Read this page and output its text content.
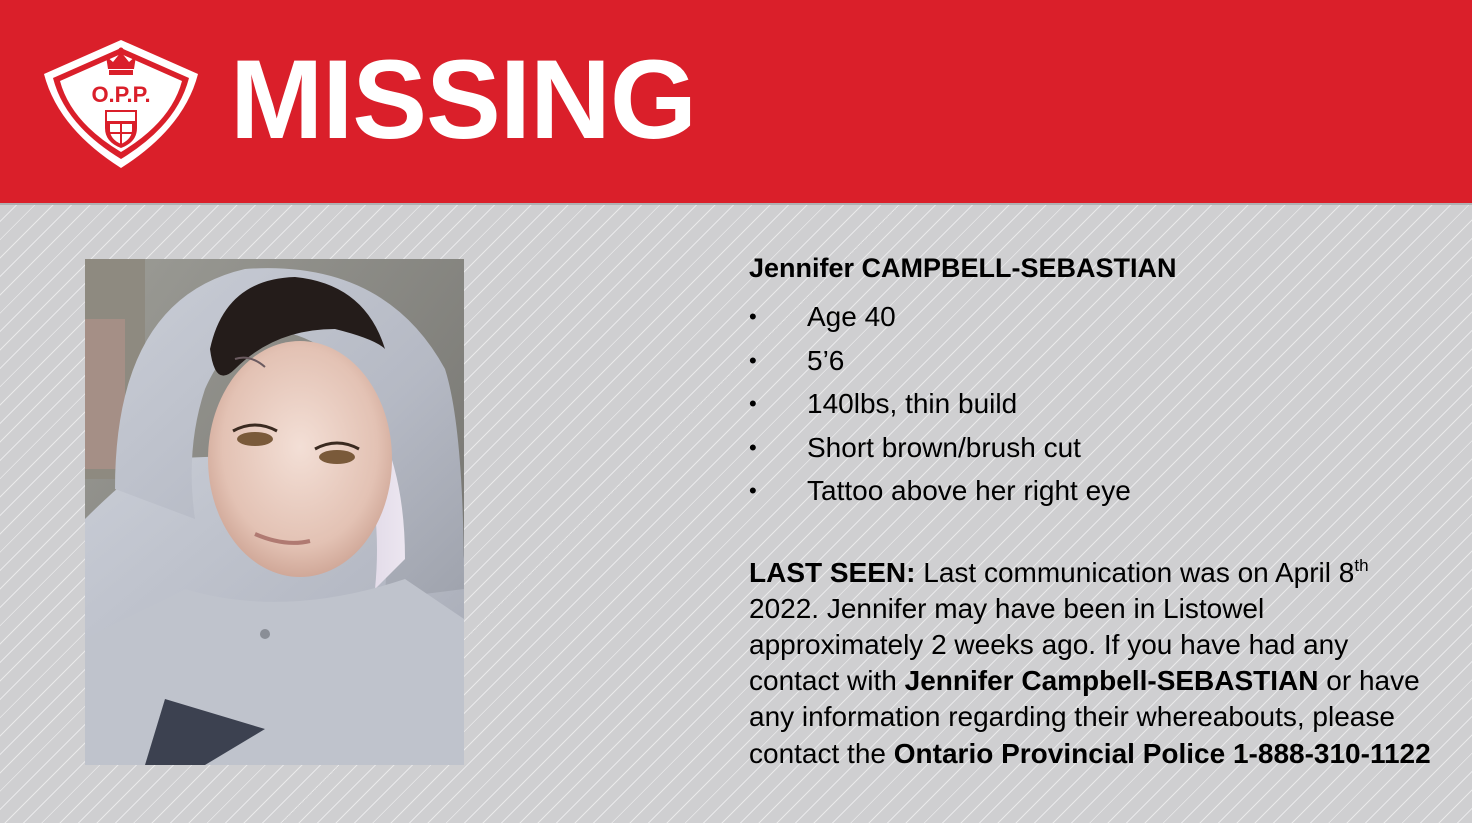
O.P.P. MISSING
Jennifer CAMPBELL-SEBASTIAN
• Age 40
• 5’6
• 140lbs, thin build
• Short brown/brush cut
• Tattoo above her right eye
LAST SEEN: Last communication was on April 8th 2022. Jennifer may have been in Listowel approximately 2 weeks ago. If you have had any contact with Jennifer Campbell-SEBASTIAN or have any information regarding their whereabouts, please contact the Ontario Provincial Police 1-888-310-1122
